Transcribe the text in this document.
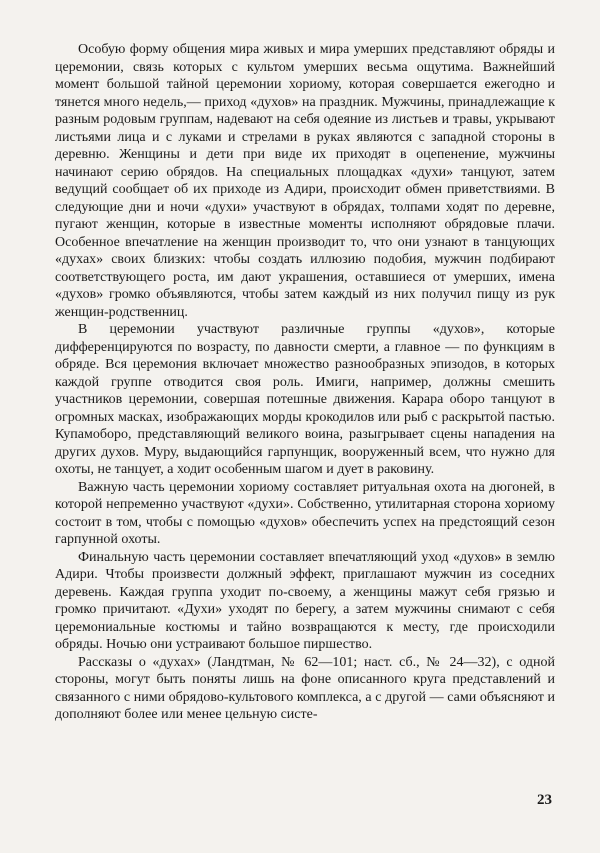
Особую форму общения мира живых и мира умерших представляют обряды и церемонии, связь которых с культом умерших весьма ощутима. Важнейший момент большой тайной церемонии хориому, которая совершается ежегодно и тянется много недель,— приход «духов» на праздник. Мужчины, принадлежащие к разным родовым группам, надевают на себя одеяние из листьев и травы, укрывают листьями лица и с луками и стрелами в руках являются с западной стороны в деревню. Женщины и дети при виде их приходят в оцепенение, мужчины начинают серию обрядов. На специальных площадках «духи» танцуют, затем ведущий сообщает об их приходе из Адири, происходит обмен приветствиями. В следующие дни и ночи «духи» участвуют в обрядах, толпами ходят по деревне, пугают женщин, которые в известные моменты исполняют обрядовые плачи. Особенное впечатление на женщин производит то, что они узнают в танцующих «духах» своих близких: чтобы создать иллюзию подобия, мужчин подбирают соответствующего роста, им дают украшения, оставшиеся от умерших, имена «духов» громко объявляются, чтобы затем каждый из них получил пищу из рук женщин-родственниц.

В церемонии участвуют различные группы «духов», которые дифференцируются по возрасту, по давности смерти, а главное — по функциям в обряде. Вся церемония включает множество разнообразных эпизодов, в которых каждой группе отводится своя роль. Имиги, например, должны смешить участников церемонии, совершая потешные движения. Карара оборо танцуют в огромных масках, изображающих морды крокодилов или рыб с раскрытой пастью. Купамоборо, представляющий великого воина, разыгрывает сцены нападения на других духов. Муру, выдающийся гарпунщик, вооруженный всем, что нужно для охоты, не танцует, а ходит особенным шагом и дует в раковину.

Важную часть церемонии хориому составляет ритуальная охота на дюгоней, в которой непременно участвуют «духи». Собственно, утилитарная сторона хориому состоит в том, чтобы с помощью «духов» обеспечить успех на предстоящий сезон гарпунной охоты.

Финальную часть церемонии составляет впечатляющий уход «духов» в землю Адири. Чтобы произвести должный эффект, приглашают мужчин из соседних деревень. Каждая группа уходит по-своему, а женщины мажут себя грязью и громко причитают. «Духи» уходят по берегу, а затем мужчины снимают с себя церемониальные костюмы и тайно возвращаются к месту, где происходили обряды. Ночью они устраивают большое пиршество.

Рассказы о «духах» (Ландтман, № 62—101; наст. сб., № 24—32), с одной стороны, могут быть поняты лишь на фоне описанного круга представлений и связанного с ними обрядово-культового комплекса, а с другой — сами объясняют и дополняют более или менее цельную систе-

23
